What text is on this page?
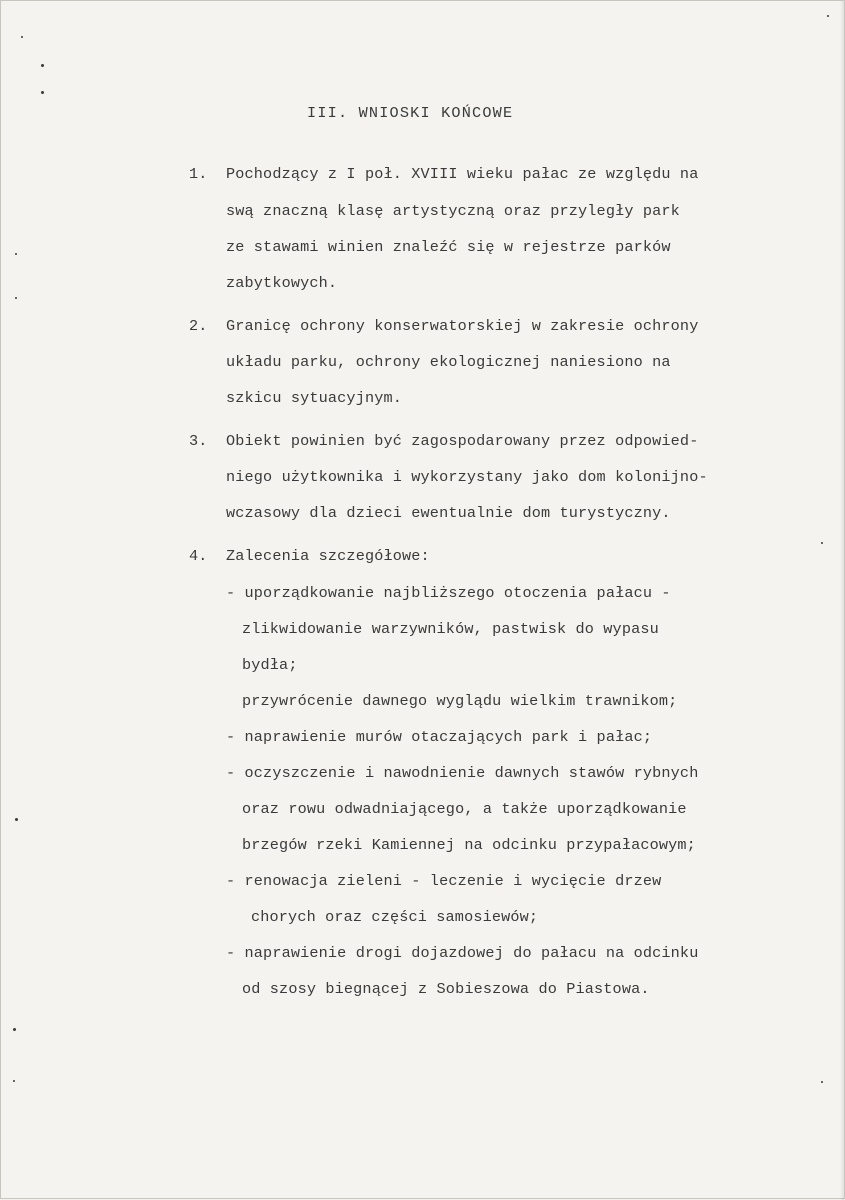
III. WNIOSKI KOŃCOWE
1. Pochodzący z I poł. XVIII wieku pałac ze względu na
swą znaczną klasę artystyczną oraz przyległy park
ze stawami winien znaleźć się w rejestrze parków
zabytkowych.
2. Granicę ochrony konserwatorskiej w zakresie ochrony
układu parku, ochrony ekologicznej naniesiono na
szkicu sytuacyjnym.
3. Obiekt powinien być zagospodarowany przez odpowied-
niego użytkownika i wykorzystany jako dom kolonijno-
wczasowy dla dzieci ewentualnie dom turystyczny.
4. Zalecenia szczegółowe:
- uporządkowanie najbliższego otoczenia pałacu -
zlikwidowanie warzywników, pastwisk do wypasu
bydła;
przywrócenie dawnego wyglądu wielkim trawnikom;
- naprawienie murów otaczających park i pałac;
- oczyszczenie i nawodnienie dawnych stawów rybnych
oraz rowu odwadniającego, a także uporządkowanie
brzegów rzeki Kamiennej na odcinku przypałacowym;
- renowacja zieleni - leczenie i wycięcie drzew
chorych oraz części samosiewów;
- naprawienie drogi dojazdowej do pałacu na odcinku
od szosy biegnącej z Sobieszowa do Piastowa.
